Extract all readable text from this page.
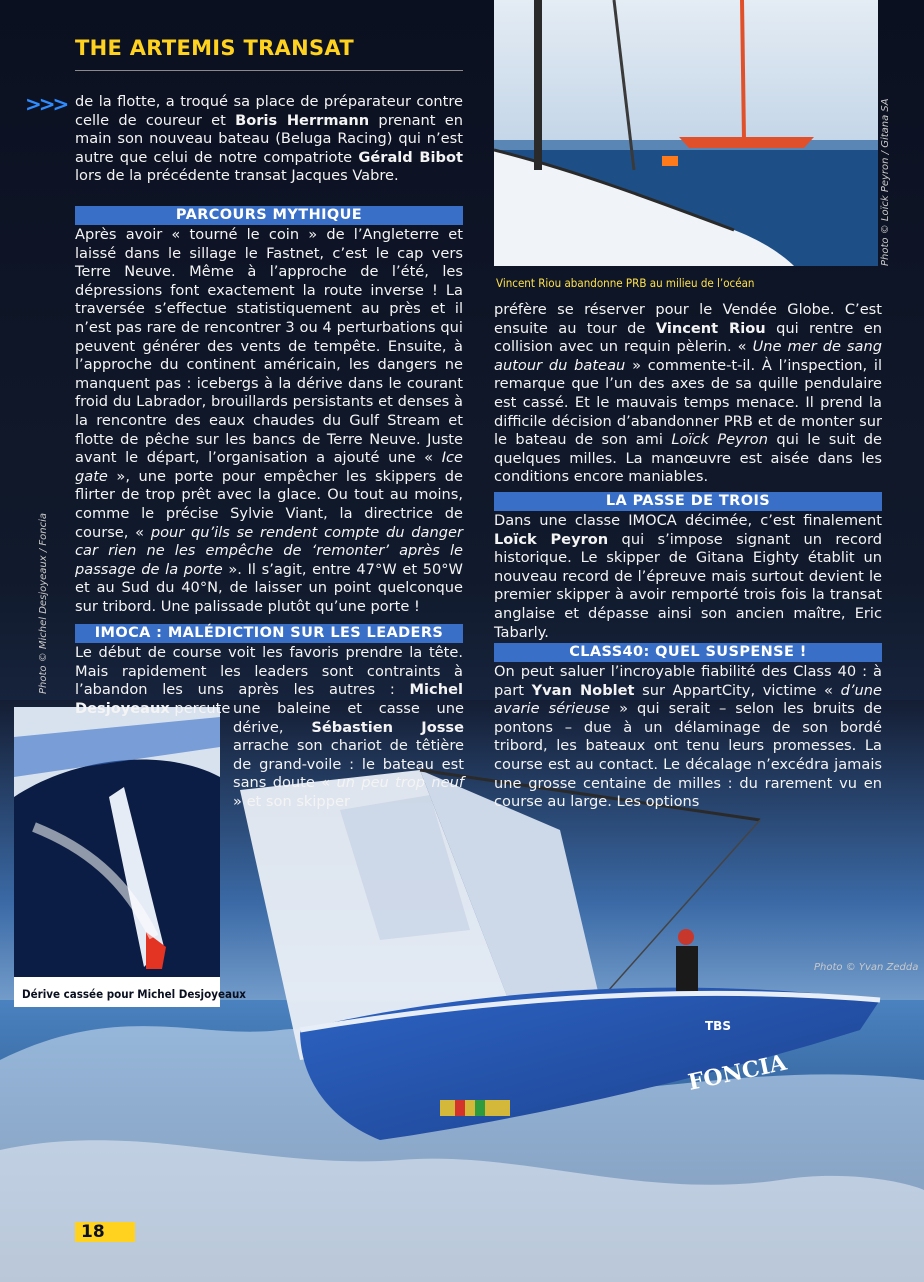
TBS
FONCIA
Photo © Yvan Zedda
Dérive cassée pour Michel Desjoyeaux
Photo © Loïck Peyron / Gitana SA
Vincent Riou abandonne PRB au milieu de l’océan
Photo © Michel Desjoyeaux / Foncia
THE ARTEMIS TRANSAT
>>> de la flotte, a troqué sa place de préparateur contre celle de coureur et Boris Herrmann prenant en main son nouveau bateau (Beluga Racing) qui n’est autre que celui de notre compatriote Gérald Bibot lors de la précédente transat Jacques Vabre.

PARCOURS MYTHIQUE

Après avoir « tourné le coin » de l’Angleterre et laissé dans le sillage le Fastnet, c’est le cap vers Terre Neuve. Même à l’approche de l’été, les dépressions font exactement la route inverse ! La traversée s’effectue statistiquement au près et il n’est pas rare de rencontrer 3 ou 4 perturbations qui peuvent générer des vents de tempête. Ensuite, à l’approche du continent américain, les dangers ne manquent pas : icebergs à la dérive dans le courant froid du Labrador, brouillards persistants et denses à la rencontre des eaux chaudes du Gulf Stream et flotte de pêche sur les bancs de Terre Neuve. Juste avant le départ, l’organisation a ajouté une « Ice gate », une porte pour empêcher les skippers de flirter de trop prêt avec la glace. Ou tout au moins, comme le précise Sylvie Viant, la directrice de course, « pour qu’ils se rendent compte du danger car rien ne les empêche de ‘remonter’ après le passage de la porte ». Il s’agit, entre 47°W et 50°W et au Sud du 40°N, de laisser un point quelconque sur tribord. Une palissade plutôt qu’une porte !

IMOCA : MALÉDICTION SUR LES LEADERS

Le début de course voit les favoris prendre la tête. Mais rapidement les leaders sont contraints à l’abandon les uns après les autres : Michel Desjoyeaux percute une baleine et casse une dérive, Sébastien Josse arrache son chariot de têtière de grand-voile : le bateau est sans doute « un peu trop neuf » et son skipper

préfère se réserver pour le Vendée Globe. C’est ensuite au tour de Vincent Riou qui rentre en collision avec un requin pèlerin. « Une mer de sang autour du bateau » commente-t-il. À l’inspection, il remarque que l’un des axes de sa quille pendulaire est cassé. Et le mauvais temps menace. Il prend la difficile décision d’abandonner PRB et de monter sur le bateau de son ami Loïck Peyron qui le suit de quelques milles. La manœuvre est aisée dans les conditions encore maniables.

LA PASSE DE TROIS

Dans une classe IMOCA décimée, c’est finalement Loïck Peyron qui s’impose signant un record historique. Le skipper de Gitana Eighty établit un nouveau record de l’épreuve mais surtout devient le premier skipper à avoir remporté trois fois la transat anglaise et dépasse ainsi son ancien maître, Eric Tabarly.

CLASS40: QUEL SUSPENSE !

On peut saluer l’incroyable fiabilité des Class 40 : à part Yvan Noblet sur AppartCity, victime « d’une avarie sérieuse » qui serait – selon les bruits de pontons – due à un délaminage de son bordé tribord, les bateaux ont tenu leurs promesses. La course est au contact. Le décalage n’excédra jamais une grosse centaine de milles : du rarement vu en course au large. Les options

18
